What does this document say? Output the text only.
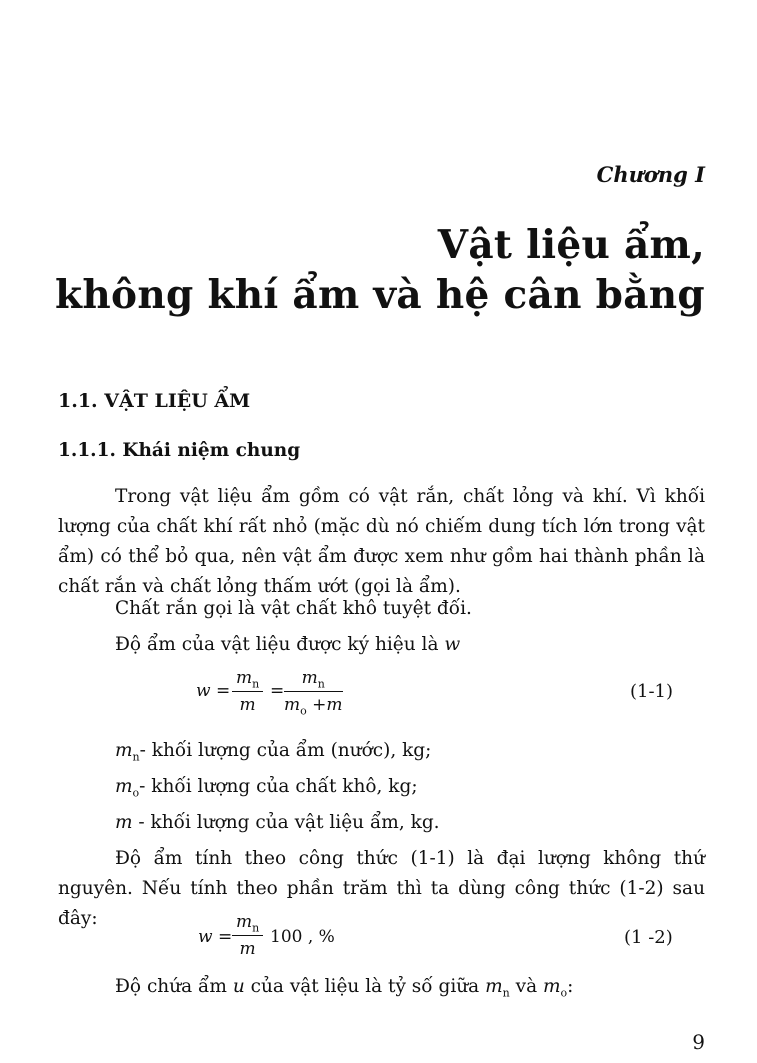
Chương I
Vật liệu ẩm,
không khí ẩm và hệ cân bằng
1.1. VẬT LIỆU ẨM
1.1.1. Khái niệm chung
Trong vật liệu ẩm gồm có vật rắn, chất lỏng và khí. Vì khối lượng của chất khí rất nhỏ (mặc dù nó chiếm dung tích lớn trong vật ẩm) có thể bỏ qua, nên vật ẩm được xem như gồm hai thành phần là chất rắn và chất lỏng thấm ướt (gọi là ẩm).
Chất rắn gọi là vật chất khô tuyệt đối.
Độ ẩm của vật liệu được ký hiệu là w
$w = \frac{m_n}{m} = \frac{m_n}{m_o +m}$	(1-1)
$m_n-$ khối lượng của ẩm (nước), kg;
$m_o-$ khối lượng của chất khô, kg;
m - khối lượng của vật liệu ẩm, kg.
Độ ẩm tính theo công thức (1-1) là đại lượng không thứ nguyên. Nếu tính theo phần trăm thì ta dùng công thức (1-2) sau đây:
$w = \frac{m_n}{m} 100$ , %	(1 -2)
Độ chứa ẩm u của vật liệu là tỷ số giữa $m_n$ và $m_o$:
9
